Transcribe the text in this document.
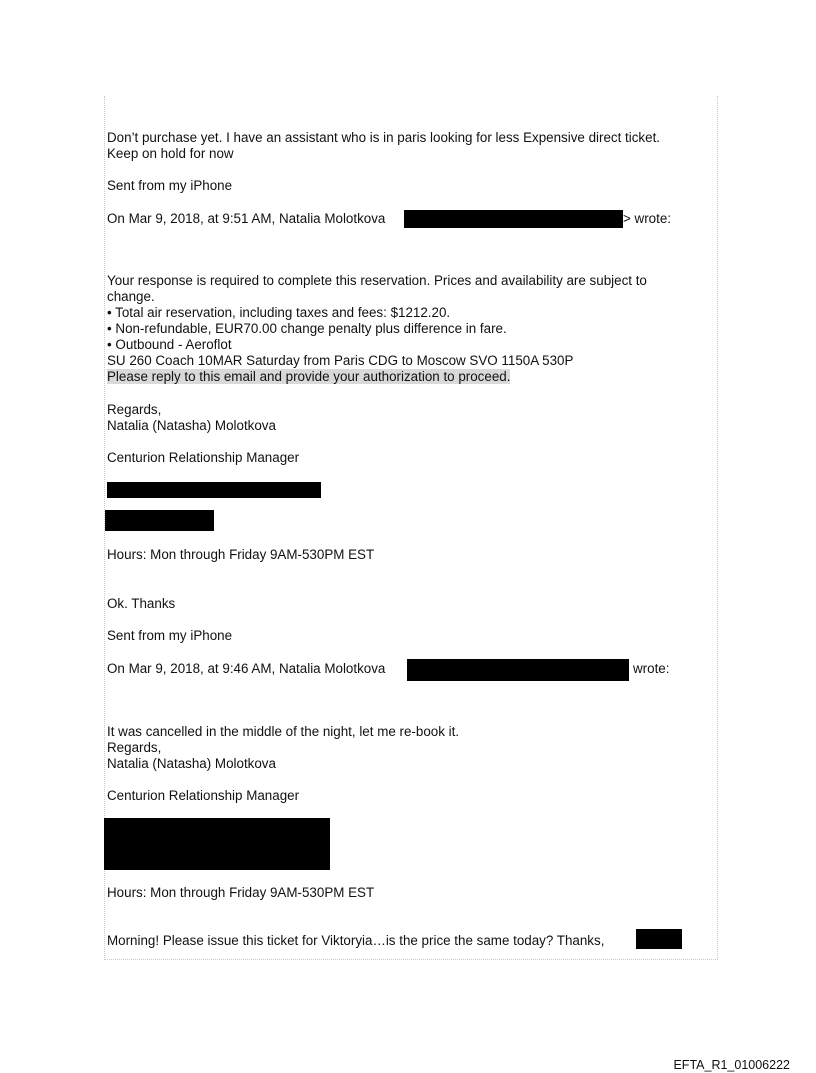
Don’t purchase yet. I have an assistant who is in paris looking for less Expensive direct ticket.
Keep on hold for now
Sent from my iPhone
On Mar 9, 2018, at 9:51 AM, Natalia Molotkova	> wrote:
Your response is required to complete this reservation. Prices and availability are subject to
change.
• Total air reservation, including taxes and fees: $1212.20.
• Non-refundable, EUR70.00 change penalty plus difference in fare.
• Outbound - Aeroflot
SU 260 Coach 10MAR Saturday from Paris CDG to Moscow SVO 1150A 530P
Please reply to this email and provide your authorization to proceed.
Regards,
Natalia (Natasha) Molotkova
Centurion Relationship Manager
Hours: Mon through Friday 9AM-530PM EST
Ok. Thanks
Sent from my iPhone
On Mar 9, 2018, at 9:46 AM, Natalia Molotkova	wrote:
It was cancelled in the middle of the night, let me re-book it.
Regards,
Natalia (Natasha) Molotkova
Centurion Relationship Manager
Hours: Mon through Friday 9AM-530PM EST
Morning! Please issue this ticket for Viktoryia…is the price the same today? Thanks,
EFTA_R1_01006222
